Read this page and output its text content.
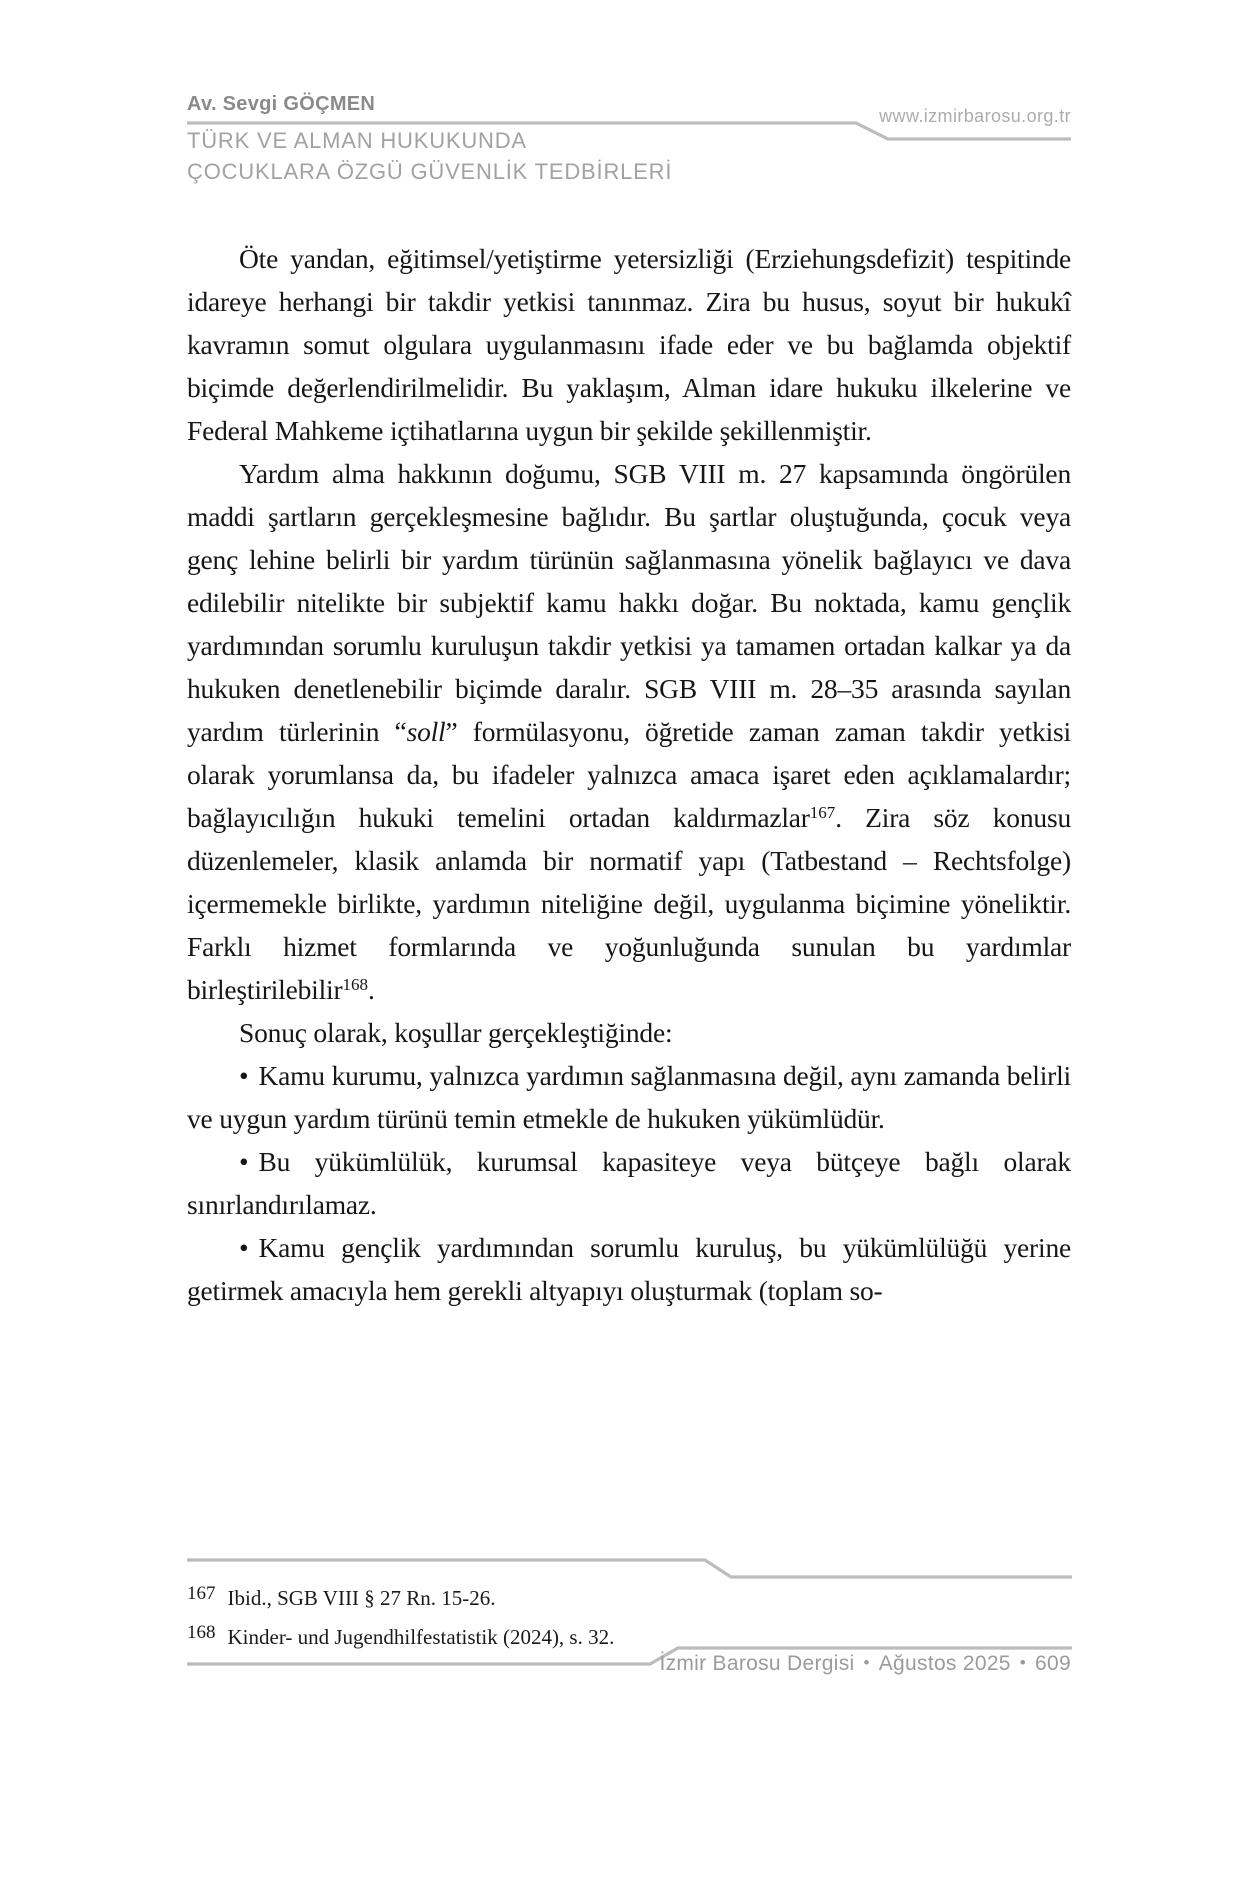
Av. Sevgi GÖÇMEN
TÜRK VE ALMAN HUKUKUNDA
ÇOCUKLARA ÖZGÜ GÜVENLİK TEDBİRLERİ
www.izmirbarosu.org.tr

Öte yandan, eğitimsel/yetiştirme yetersizliği (Erziehungsdefizit) tespitinde idareye herhangi bir takdir yetkisi tanınmaz. Zira bu husus, soyut bir hukukî kavramın somut olgulara uygulanmasını ifade eder ve bu bağlamda objektif biçimde değerlendirilmelidir. Bu yaklaşım, Alman idare hukuku ilkelerine ve Federal Mahkeme içtihatlarına uygun bir şekilde şekillenmiştir.

Yardım alma hakkının doğumu, SGB VIII m. 27 kapsamında öngörülen maddi şartların gerçekleşmesine bağlıdır. Bu şartlar oluştuğunda, çocuk veya genç lehine belirli bir yardım türünün sağlanmasına yönelik bağlayıcı ve dava edilebilir nitelikte bir subjektif kamu hakkı doğar. Bu noktada, kamu gençlik yardımından sorumlu kuruluşun takdir yetkisi ya tamamen ortadan kalkar ya da hukuken denetlenebilir biçimde daralır. SGB VIII m. 28–35 arasında sayılan yardım türlerinin “soll” formülasyonu, öğretide zaman zaman takdir yetkisi olarak yorumlansa da, bu ifadeler yalnızca amaca işaret eden açıklamalardır; bağlayıcılığın hukuki temelini ortadan kaldırmazlar$^{167}$. Zira söz konusu düzenlemeler, klasik anlamda bir normatif yapı (Tatbestand – Rechtsfolge) içermemekle birlikte, yardımın niteliğine değil, uygulanma biçimine yöneliktir. Farklı hizmet formlarında ve yoğunluğunda sunulan bu yardımlar birleştirilebilir$^{168}$.

Sonuç olarak, koşullar gerçekleştiğinde:

• Kamu kurumu, yalnızca yardımın sağlanmasına değil, aynı zamanda belirli ve uygun yardım türünü temin etmekle de hukuken yükümlüdür.

• Bu yükümlülük, kurumsal kapasiteye veya bütçeye bağlı olarak sınırlandırılamaz.

• Kamu gençlik yardımından sorumlu kuruluş, bu yükümlülüğü yerine getirmek amacıyla hem gerekli altyapıyı oluşturmak (toplam so-

167 Ibid., SGB VIII § 27 Rn. 15-26.
168 Kinder- und Jugendhilfestatistik (2024), s. 32.
İzmir Barosu Dergisi • Ağustos 2025 • 609
